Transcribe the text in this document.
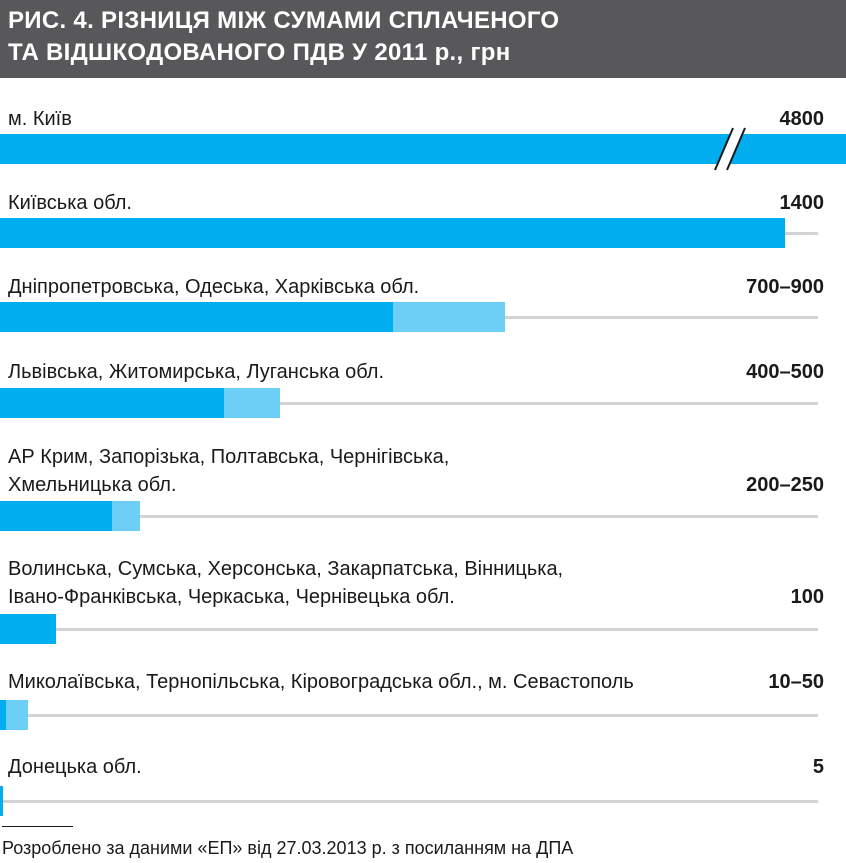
РИС. 4. РІЗНИЦЯ МІЖ СУМАМИ СПЛАЧЕНОГО
ТА ВІДШКОДОВАНОГО ПДВ У 2011 р., грн
м. Київ	4800
Київська обл.	1400
Дніпропетровська, Одеська, Харківська обл.	700–900
Львівська, Житомирська, Луганська обл.	400–500
АР Крим, Запорізька, Полтавська, Чернігівська,
Хмельницька обл.	200–250
Волинська, Сумська, Херсонська, Закарпатська, Вінницька,
Івано-Франківська, Черкаська, Чернівецька обл.	100
Миколаївська, Тернопільська, Кіровоградська обл., м. Севастополь	10–50
Донецька обл.	5
Розроблено за даними «ЕП» від 27.03.2013 р. з посиланням на ДПА
